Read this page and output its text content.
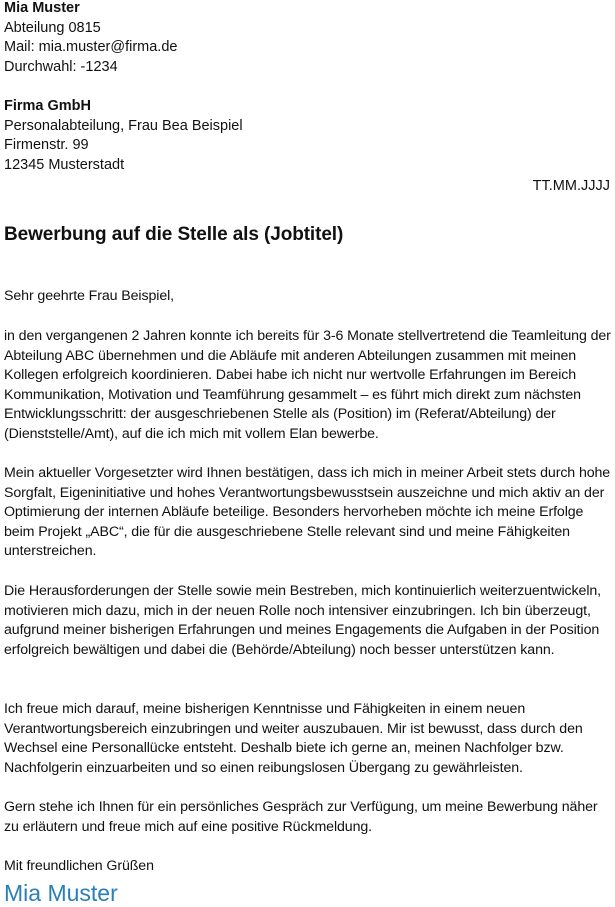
Mia Muster
Abteilung 0815
Mail: mia.muster@firma.de
Durchwahl: -1234
Firma GmbH
Personalabteilung, Frau Bea Beispiel
Firmenstr. 99
12345 Musterstadt
TT.MM.JJJJ
Bewerbung auf die Stelle als (Jobtitel)
Sehr geehrte Frau Beispiel,
in den vergangenen 2 Jahren konnte ich bereits für 3-6 Monate stellvertretend die Teamleitung der Abteilung ABC übernehmen und die Abläufe mit anderen Abteilungen zusammen mit meinen Kollegen erfolgreich koordinieren. Dabei habe ich nicht nur wertvolle Erfahrungen im Bereich Kommunikation, Motivation und Teamführung gesammelt – es führt mich direkt zum nächsten Entwicklungsschritt: der ausgeschriebenen Stelle als (Position) im (Referat/Abteilung) der (Dienststelle/Amt), auf die ich mich mit vollem Elan bewerbe.
Mein aktueller Vorgesetzter wird Ihnen bestätigen, dass ich mich in meiner Arbeit stets durch hohe Sorgfalt, Eigeninitiative und hohes Verantwortungsbewusstsein auszeichne und mich aktiv an der Optimierung der internen Abläufe beteilige. Besonders hervorheben möchte ich meine Erfolge beim Projekt „ABC“, die für die ausgeschriebene Stelle relevant sind und meine Fähigkeiten unterstreichen.
Die Herausforderungen der Stelle sowie mein Bestreben, mich kontinuierlich weiterzuentwickeln, motivieren mich dazu, mich in der neuen Rolle noch intensiver einzubringen. Ich bin überzeugt, aufgrund meiner bisherigen Erfahrungen und meines Engagements die Aufgaben in der Position erfolgreich bewältigen und dabei die (Behörde/Abteilung) noch besser unterstützen kann.
Ich freue mich darauf, meine bisherigen Kenntnisse und Fähigkeiten in einem neuen Verantwortungsbereich einzubringen und weiter auszubauen. Mir ist bewusst, dass durch den Wechsel eine Personallücke entsteht. Deshalb biete ich gerne an, meinen Nachfolger bzw. Nachfolgerin einzuarbeiten und so einen reibungslosen Übergang zu gewährleisten.
Gern stehe ich Ihnen für ein persönliches Gespräch zur Verfügung, um meine Bewerbung näher zu erläutern und freue mich auf eine positive Rückmeldung.
Mit freundlichen Grüßen
Mia Muster
